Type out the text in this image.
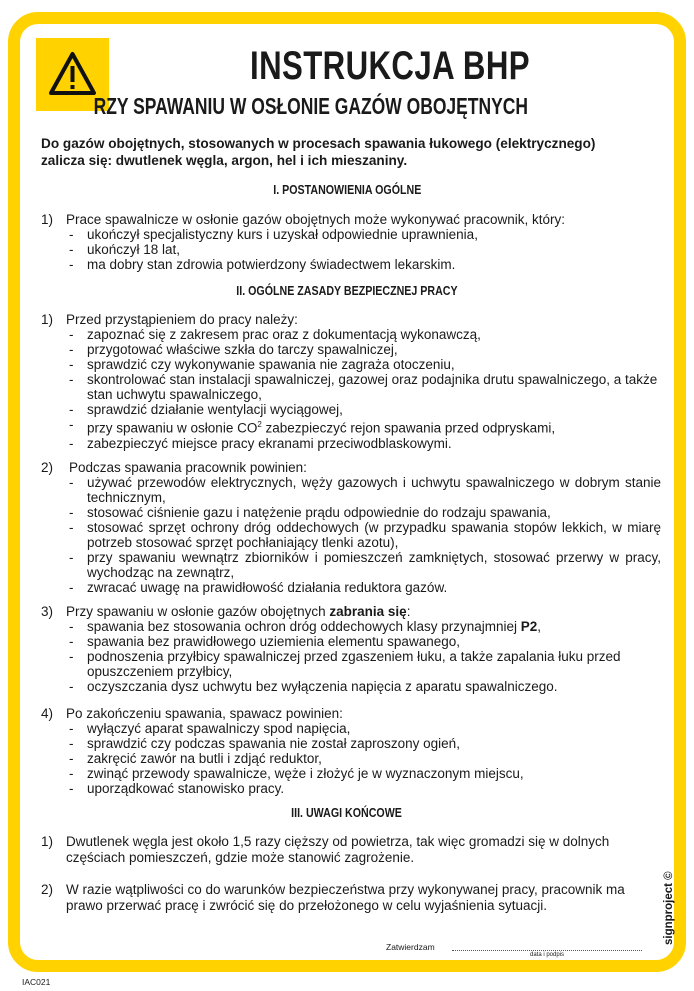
INSTRUKCJA BHP
RZY SPAWANIU W OSŁONIE GAZÓW OBOJĘTNYCH
Do gazów obojętnych, stosowanych w procesach spawania łukowego (elektrycznego)
zalicza się: dwutlenek węgla, argon, hel i ich mieszaniny.
I. POSTANOWIENIA OGÓLNE
1) Prace spawalnicze w osłonie gazów obojętnych może wykonywać pracownik, który:
- ukończył specjalistyczny kurs i uzyskał odpowiednie uprawnienia,
- ukończył 18 lat,
- ma dobry stan zdrowia potwierdzony świadectwem lekarskim.
II. OGÓLNE ZASADY BEZPIECZNEJ PRACY
1) Przed przystąpieniem do pracy należy:
- zapoznać się z zakresem prac oraz z dokumentacją wykonawczą,
- przygotować właściwe szkła do tarczy spawalniczej,
- sprawdzić czy wykonywanie spawania nie zagraża otoczeniu,
- skontrolować stan instalacji spawalniczej, gazowej oraz podajnika drutu spawalniczego, a także stan uchwytu spawalniczego,
- sprawdzić działanie wentylacji wyciągowej,
- przy spawaniu w osłonie $CO^2$ zabezpieczyć rejon spawania przed odpryskami,
- zabezpieczyć miejsce pracy ekranami przeciwodblaskowymi.
2) Podczas spawania pracownik powinien:
- używać przewodów elektrycznych, węży gazowych i uchwytu spawalniczego w dobrym stanie technicznym,
- stosować ciśnienie gazu i natężenie prądu odpowiednie do rodzaju spawania,
- stosować sprzęt ochrony dróg oddechowych (w przypadku spawania stopów lekkich, w miarę potrzeb stosować sprzęt pochłaniający tlenki azotu),
- przy spawaniu wewnątrz zbiorników i pomieszczeń zamkniętych, stosować przerwy w pracy, wychodząc na zewnątrz,
- zwracać uwagę na prawidłowość działania reduktora gazów.
3) Przy spawaniu w osłonie gazów obojętnych zabrania się:
- spawania bez stosowania ochron dróg oddechowych klasy przynajmniej P2,
- spawania bez prawidłowego uziemienia elementu spawanego,
- podnoszenia przyłbicy spawalniczej przed zgaszeniem łuku, a także zapalania łuku przed opuszczeniem przyłbicy,
- oczyszczania dysz uchwytu bez wyłączenia napięcia z aparatu spawalniczego.
4) Po zakończeniu spawania, spawacz powinien:
- wyłączyć aparat spawalniczy spod napięcia,
- sprawdzić czy podczas spawania nie został zaproszony ogień,
- zakręcić zawór na butli i zdjąć reduktor,
- zwinąć przewody spawalnicze, węże i złożyć je w wyznaczonym miejscu,
- uporządkować stanowisko pracy.
III. UWAGI KOŃCOWE
1) Dwutlenek węgla jest około 1,5 razy cięższy od powietrza, tak więc gromadzi się w dolnych częściach pomieszczeń, gdzie może stanowić zagrożenie.
2) W razie wątpliwości co do warunków bezpieczeństwa przy wykonywanej pracy, pracownik ma prawo przerwać pracę i zwrócić się do przełożonego w celu wyjaśnienia sytuacji.
Zatwierdzam
data i podpis
signproject ©
IAC021
